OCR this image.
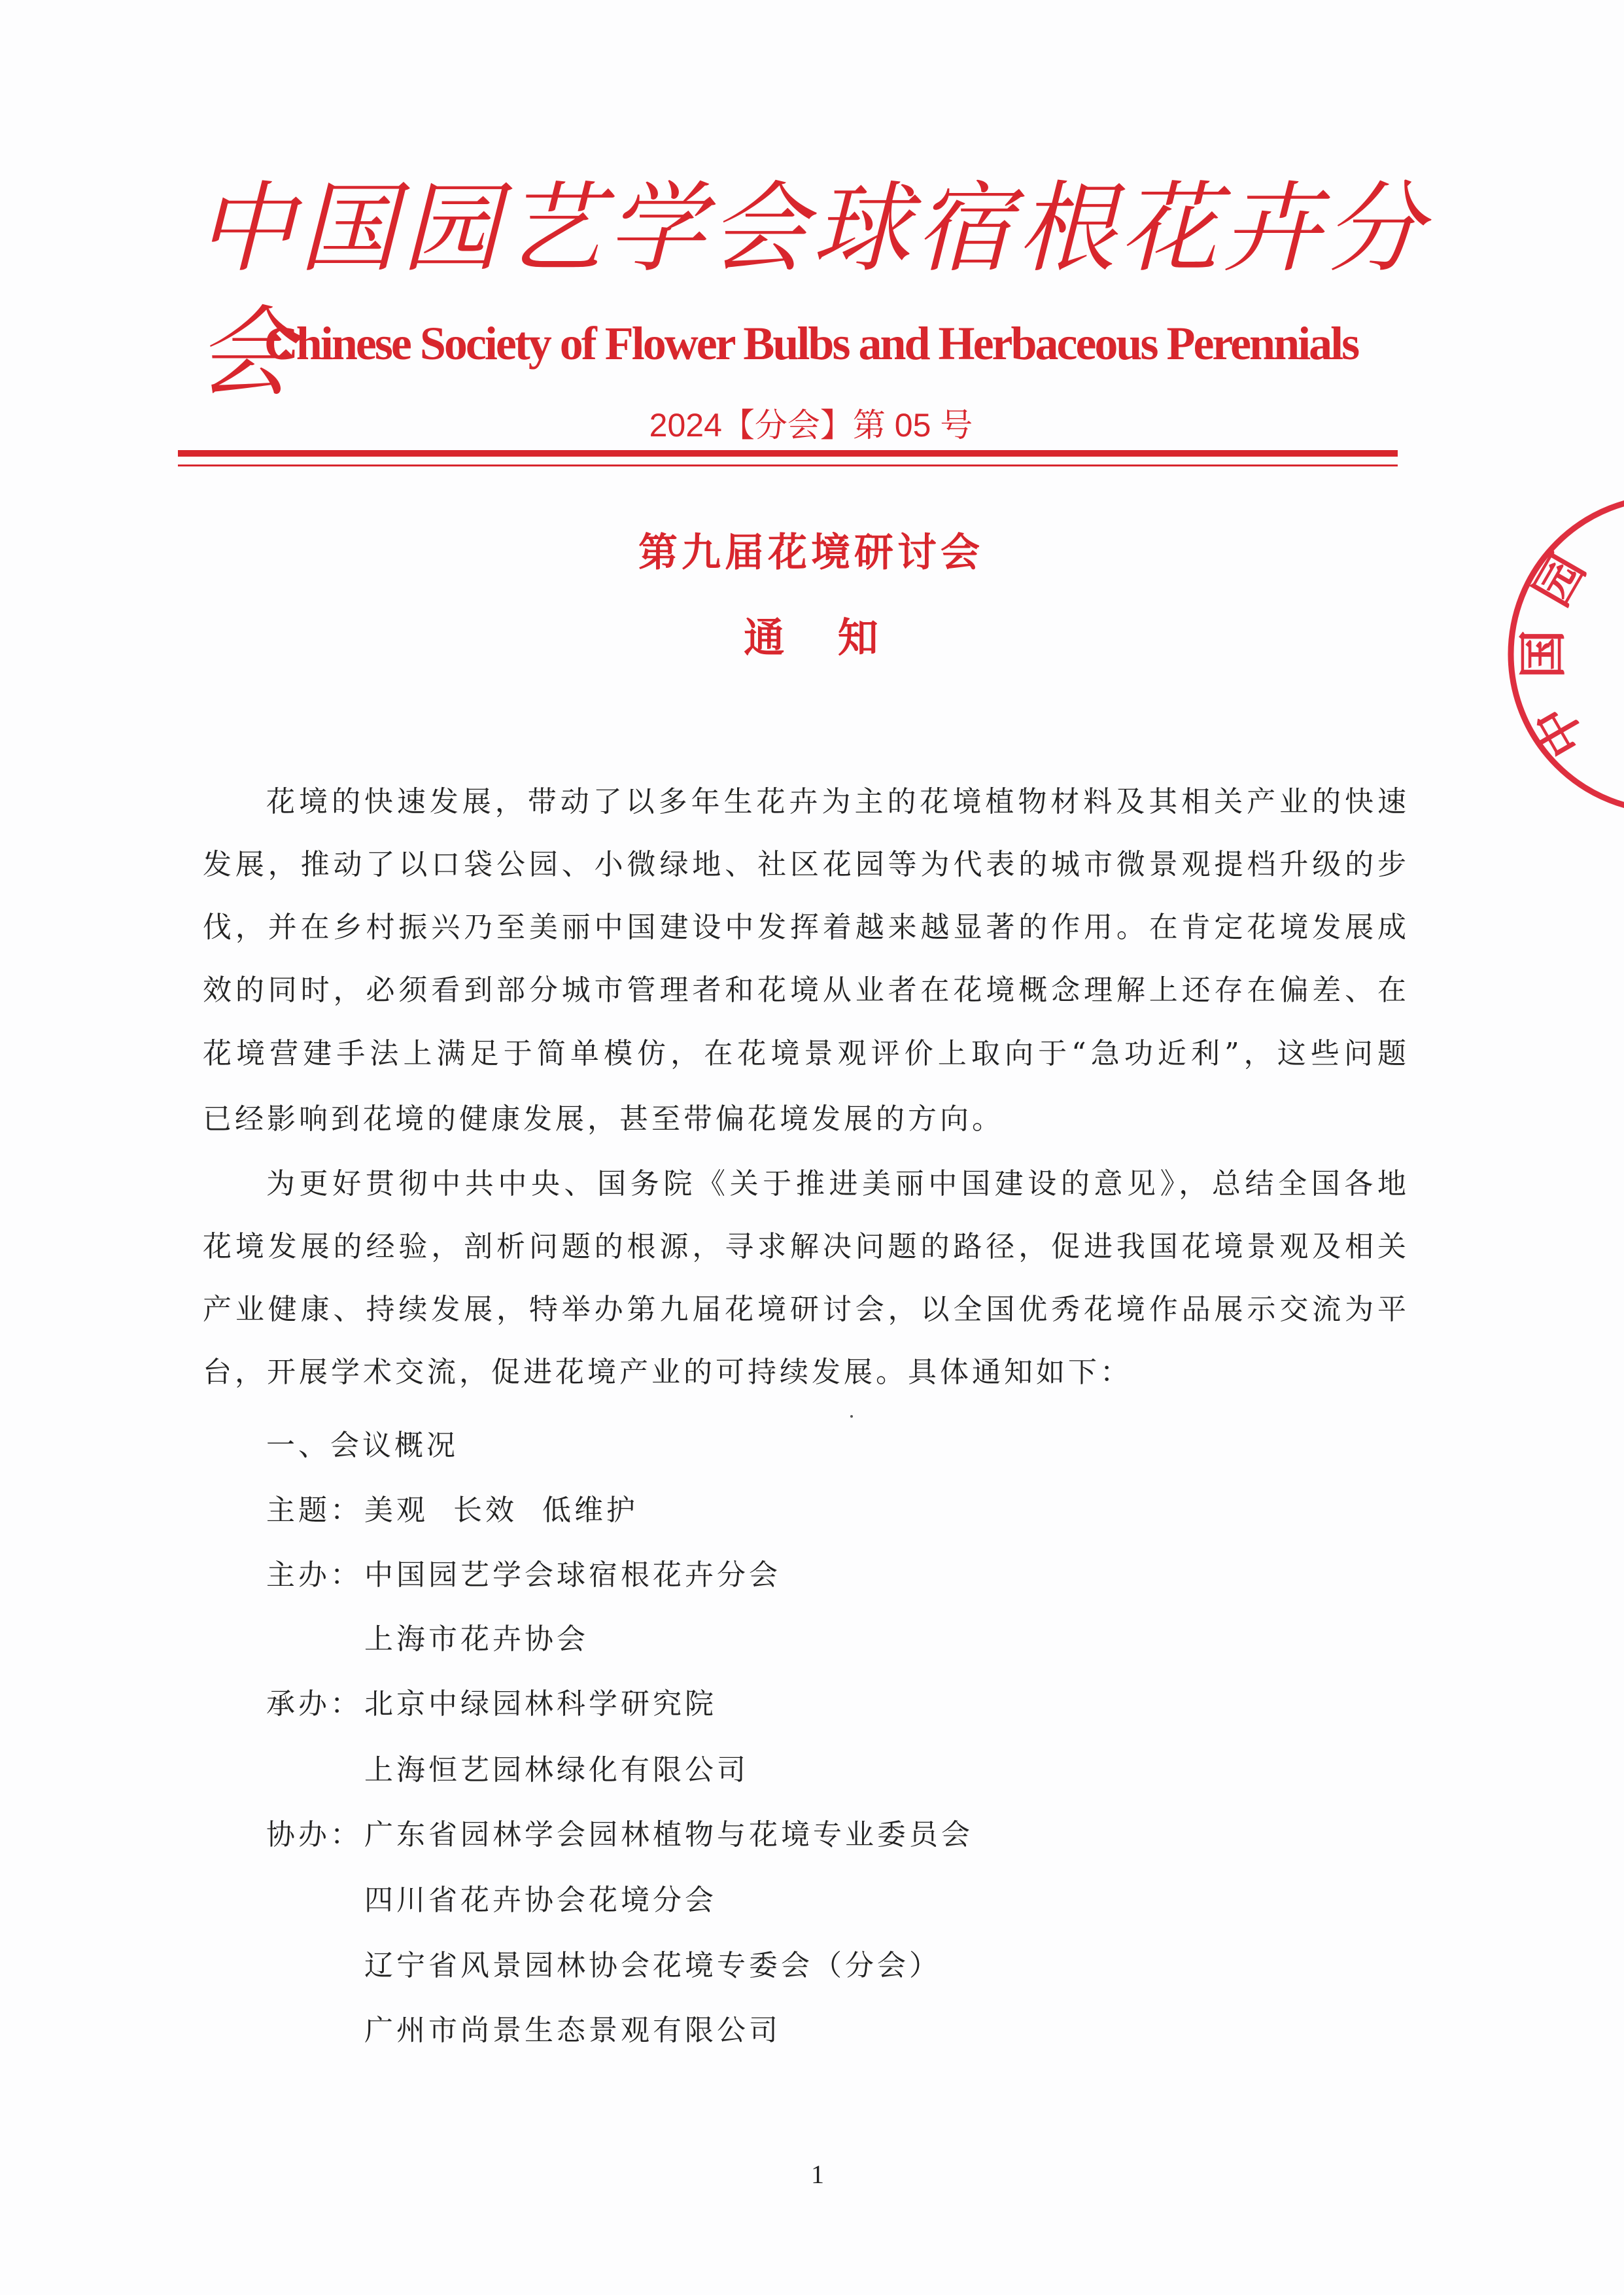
中国园艺学会球宿根花卉分会
Chinese Society of Flower Bulbs and Herbaceous Perennials
2024【分会】第 05 号
第九届花境研讨会
通 知
花境的快速发展，带动了以多年生花卉为主的花境植物材料及其相关产业的快速
发展，推动了以口袋公园、小微绿地、社区花园等为代表的城市微景观提档升级的步
伐，并在乡村振兴乃至美丽中国建设中发挥着越来越显著的作用。在肯定花境发展成
效的同时，必须看到部分城市管理者和花境从业者在花境概念理解上还存在偏差、在
花境营建手法上满足于简单模仿，在花境景观评价上取向于“急功近利”，这些问题
已经影响到花境的健康发展，甚至带偏花境发展的方向。
为更好贯彻中共中央、国务院《关于推进美丽中国建设的意见》，总结全国各地
花境发展的经验，剖析问题的根源，寻求解决问题的路径，促进我国花境景观及相关
产业健康、持续发展，特举办第九届花境研讨会，以全国优秀花境作品展示交流为平
台，开展学术交流，促进花境产业的可持续发展。具体通知如下：
一、会议概况
主题： 美观  长效  低维护
主办： 中国园艺学会球宿根花卉分会
上海市花卉协会
承办： 北京中绿园林科学研究院
上海恒艺园林绿化有限公司
协办： 广东省园林学会园林植物与花境专业委员会
四川省花卉协会花境分会
辽宁省风景园林协会花境专委会（分会）
广州市尚景生态景观有限公司
园
国
中
1
